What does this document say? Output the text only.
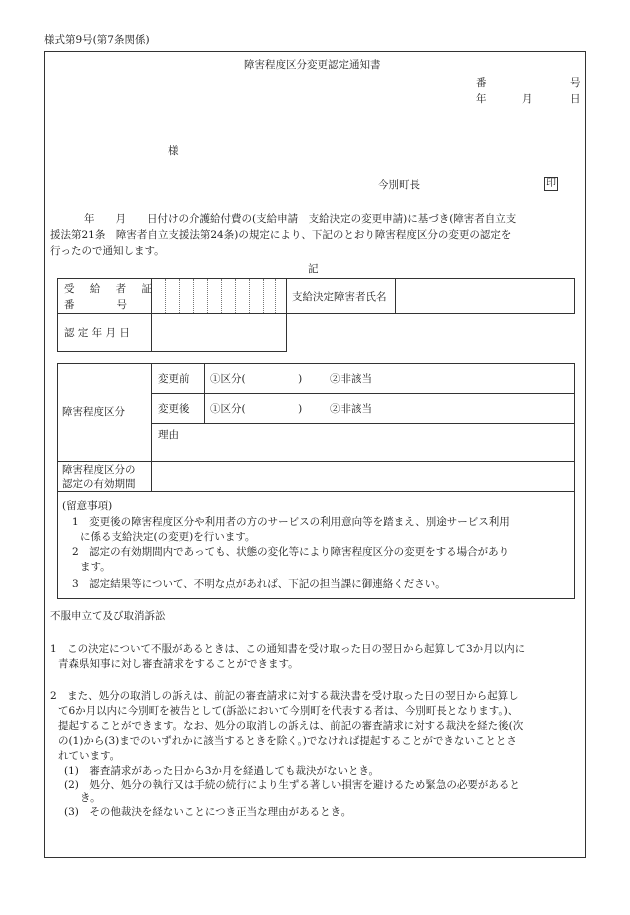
様式第9号(第7条関係)
障害程度区分変更認定通知書
番	号
年	月	日
様
今別町長	印
年　　月　　日付けの介護給付費の(支給申請　支給決定の変更申請)に基づき(障害者自立支
援法第21条　障害者自立支援法第24条)の規定により、下記のとおり障害程度区分の変更の認定を
行ったので通知します。
記
受 給 者 証
番　　　　号
支給決定障害者氏名
認 定 年 月 日
障害程度区分
変更前 ①区分(　　　　　)	②非該当
変更後 ①区分(　　　　　)	②非該当
理由
障害程度区分の
認定の有効期間
(留意事項)
1　変更後の障害程度区分や利用者の方のサービスの利用意向等を踏まえ、別途サービス利用
に係る支給決定(の変更)を行います。
2　認定の有効期間内であっても、状態の変化等により障害程度区分の変更をする場合があり
ます。
3　認定結果等について、不明な点があれば、下記の担当課に御連絡ください。
不服申立て及び取消訴訟
1　この決定について不服があるときは、この通知書を受け取った日の翌日から起算して3か月以内に
青森県知事に対し審査請求をすることができます。
2　また、処分の取消しの訴えは、前記の審査請求に対する裁決書を受け取った日の翌日から起算し
て6か月以内に今別町を被告として(訴訟において今別町を代表する者は、今別町長となります。)、
提起することができます。なお、処分の取消しの訴えは、前記の審査請求に対する裁決を経た後(次
の(1)から(3)までのいずれかに該当するときを除く。)でなければ提起することができないこととさ
れています。
(1)　審査請求があった日から3か月を経過しても裁決がないとき。
(2)　処分、処分の執行又は手続の続行により生ずる著しい損害を避けるため緊急の必要があると
き。
(3)　その他裁決を経ないことにつき正当な理由があるとき。
